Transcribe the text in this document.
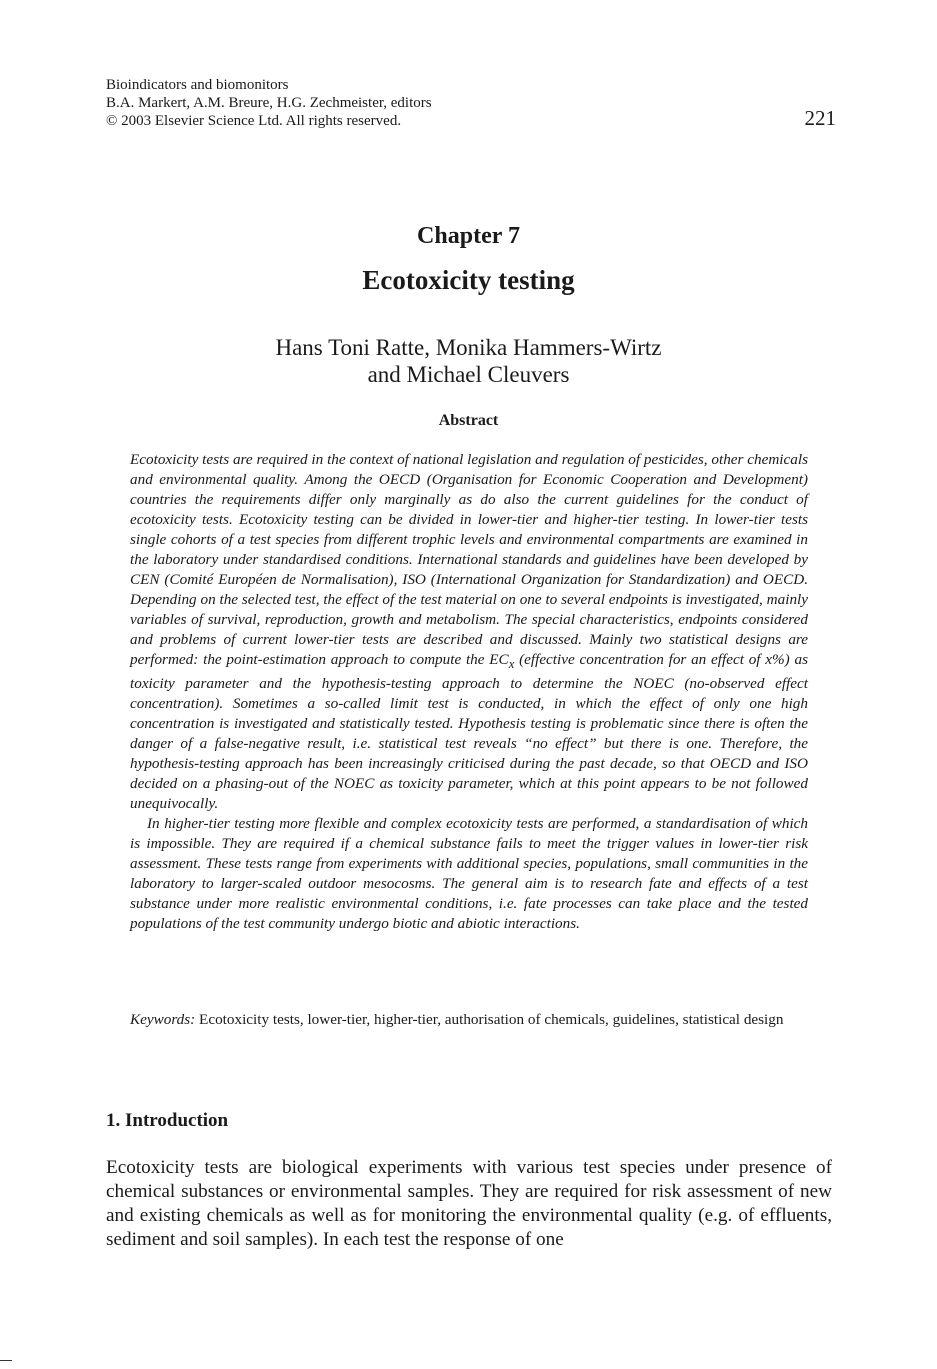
Bioindicators and biomonitors
B.A. Markert, A.M. Breure, H.G. Zechmeister, editors
© 2003 Elsevier Science Ltd. All rights reserved.	221
Chapter 7
Ecotoxicity testing
Hans Toni Ratte, Monika Hammers-Wirtz
and Michael Cleuvers
Abstract

Ecotoxicity tests are required in the context of national legislation and regulation of pesticides, other chemicals and environmental quality. Among the OECD (Organisation for Economic Cooperation and Development) countries the requirements differ only marginally as do also the current guidelines for the conduct of ecotoxicity tests. Ecotoxicity testing can be divided in lower-tier and higher-tier testing. In lower-tier tests single cohorts of a test species from different trophic levels and environmental compartments are examined in the laboratory under standardised conditions. International standards and guidelines have been developed by CEN (Comité Européen de Normalisation), ISO (International Organization for Standardization) and OECD. Depending on the selected test, the effect of the test material on one to several endpoints is investigated, mainly variables of survival, reproduction, growth and metabolism. The special characteristics, endpoints considered and problems of current lower-tier tests are described and discussed. Mainly two statistical designs are performed: the point-estimation approach to compute the $EC_x$ (effective concentration for an effect of x%) as toxicity parameter and the hypothesis-testing approach to determine the NOEC (no-observed effect concentration). Sometimes a so-called limit test is conducted, in which the effect of only one high concentration is investigated and statistically tested. Hypothesis testing is problematic since there is often the danger of a false-negative result, i.e. statistical test reveals “no effect” but there is one. Therefore, the hypothesis-testing approach has been increasingly criticised during the past decade, so that OECD and ISO decided on a phasing-out of the NOEC as toxicity parameter, which at this point appears to be not followed unequivocally.

In higher-tier testing more flexible and complex ecotoxicity tests are performed, a standardisation of which is impossible. They are required if a chemical substance fails to meet the trigger values in lower-tier risk assessment. These tests range from experiments with additional species, populations, small communities in the laboratory to larger-scaled outdoor mesocosms. The general aim is to research fate and effects of a test substance under more realistic environmental conditions, i.e. fate processes can take place and the tested populations of the test community undergo biotic and abiotic interactions.

Keywords: Ecotoxicity tests, lower-tier, higher-tier, authorisation of chemicals, guidelines, statistical design
1. Introduction

Ecotoxicity tests are biological experiments with various test species under presence of chemical substances or environmental samples. They are required for risk assessment of new and existing chemicals as well as for monitoring the environmental quality (e.g. of effluents, sediment and soil samples). In each test the response of one
